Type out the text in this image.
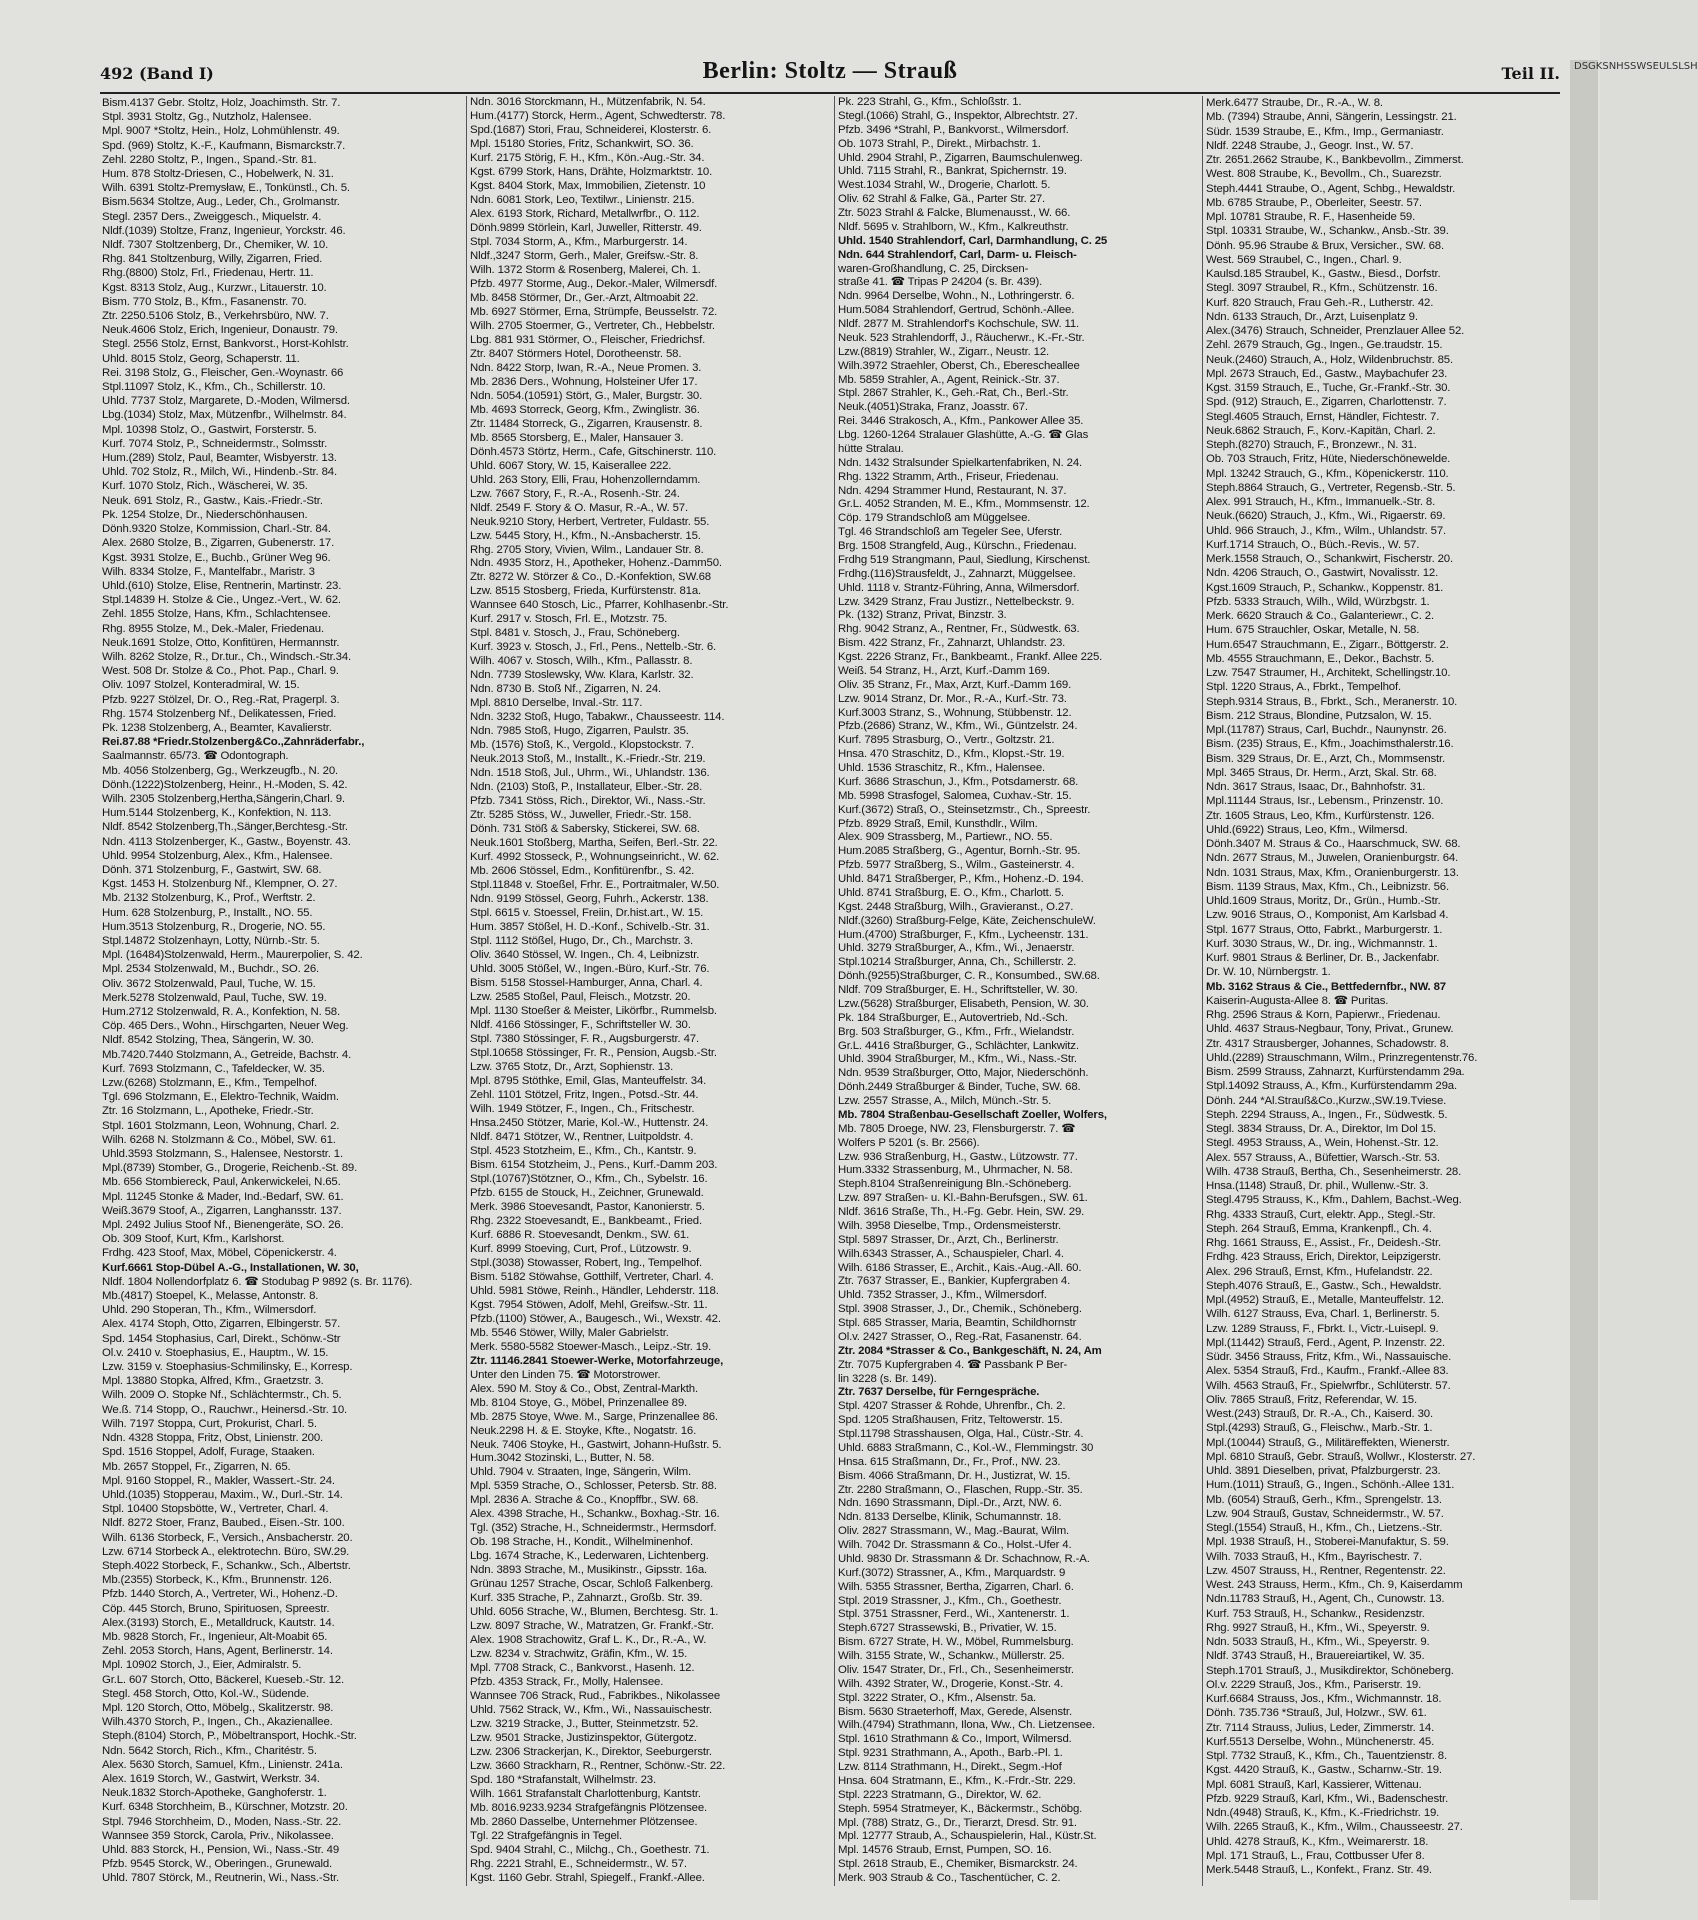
492 (Band I)	Berlin: Stoltz — Strauß	Teil II.
Bism.4137 Gebr. Stoltz, Holz, Joachimsth. Str. 7.
Stpl. 3931 Stoltz, Gg., Nutzholz, Halensee.
Mpl. 9007 *Stoltz, Hein., Holz, Lohmühlenstr. 49.
Spd. (969) Stoltz, K.-F., Kaufmann, Bismarckstr.7.
Zehl. 2280 Stoltz, P., Ingen., Spand.-Str. 81.
Hum. 878 Stoltz-Driesen, C., Hobelwerk, N. 31.
Wilh. 6391 Stoltz-Premysław, E., Tonkünstl., Ch. 5.
Bism.5634 Stoltze, Aug., Leder, Ch., Grolmanstr.
Stegl. 2357 Ders., Zweiggesch., Miquelstr. 4.
Nldf.(1039) Stoltze, Franz, Ingenieur, Yorckstr. 46.
Nldf. 7307 Stoltzenberg, Dr., Chemiker, W. 10.
Rhg. 841 Stoltzenburg, Willy, Zigarren, Fried.
Rhg.(8800) Stolz, Frl., Friedenau, Hertr. 11.
Kgst. 8313 Stolz, Aug., Kurzwr., Litauerstr. 10.
Bism. 770 Stolz, B., Kfm., Fasanenstr. 70.
Ztr. 2250.5106 Stolz, B., Verkehrsbüro, NW. 7.
Neuk.4606 Stolz, Erich, Ingenieur, Donaustr. 79.
Stegl. 2556 Stolz, Ernst, Bankvorst., Horst-Kohlstr.
Uhld. 8015 Stolz, Georg, Schaperstr. 11.
Rei. 3198 Stolz, G., Fleischer, Gen.-Woynastr. 66
Stpl.11097 Stolz, K., Kfm., Ch., Schillerstr. 10.
Uhld. 7737 Stolz, Margarete, D.-Moden, Wilmersd.
Lbg.(1034) Stolz, Max, Mützenfbr., Wilhelmstr. 84.
Mpl. 10398 Stolz, O., Gastwirt, Forsterstr. 5.
Kurf. 7074 Stolz, P., Schneidermstr., Solmsstr.
Hum.(289) Stolz, Paul, Beamter, Wisbyerstr. 13.
Uhld. 702 Stolz, R., Milch, Wi., Hindenb.-Str. 84.
Kurf. 1070 Stolz, Rich., Wäscherei, W. 35.
Neuk. 691 Stolz, R., Gastw., Kais.-Friedr.-Str.
Pk. 1254 Stolze, Dr., Niederschönhausen.
Dönh.9320 Stolze, Kommission, Charl.-Str. 84.
Alex. 2680 Stolze, B., Zigarren, Gubenerstr. 17.
Kgst. 3931 Stolze, E., Buchb., Grüner Weg 96.
Wilh. 8334 Stolze, F., Mantelfabr., Maristr. 3
Uhld.(610) Stolze, Elise, Rentnerin, Martinstr. 23.
Stpl.14839 H. Stolze & Cie., Ungez.-Vert., W. 62.
Zehl. 1855 Stolze, Hans, Kfm., Schlachtensee.
Rhg. 8955 Stolze, M., Dek.-Maler, Friedenau.
Neuk.1691 Stolze, Otto, Konfitüren, Hermannstr.
Wilh. 8262 Stolze, R., Dr.tur., Ch., Windsch.-Str.34.
West. 508 Dr. Stolze & Co., Phot. Pap., Charl. 9.
Oliv. 1097 Stolzel, Konteradmiral, W. 15.
Pfzb. 9227 Stölzel, Dr. O., Reg.-Rat, Pragerpl. 3.
Rhg. 1574 Stolzenberg Nf., Delikatessen, Fried.
Pk. 1238 Stolzenberg, A., Beamter, Kavalierstr.
Rei.87.88 *Friedr.Stolzenberg&Co.,Zahnräderfabr.,
Saalmannstr. 65/73. ☎ Odontograph.
Mb. 4056 Stolzenberg, Gg., Werkzeugfb., N. 20.
Dönh.(1222)Stolzenberg, Heinr., H.-Moden, S. 42.
Wilh. 2305 Stolzenberg,Hertha,Sängerin,Charl. 9.
Hum.5144 Stolzenberg, K., Konfektion, N. 113.
Nldf. 8542 Stolzenberg,Th.,Sänger,Berchtesg.-Str.
Ndn. 4113 Stolzenberger, K., Gastw., Boyenstr. 43.
Uhld. 9954 Stolzenburg, Alex., Kfm., Halensee.
Dönh. 371 Stolzenburg, F., Gastwirt, SW. 68.
Kgst. 1453 H. Stolzenburg Nf., Klempner, O. 27.
Mb. 2132 Stolzenburg, K., Prof., Werftstr. 2.
Hum. 628 Stolzenburg, P., Installt., NO. 55.
Hum.3513 Stolzenburg, R., Drogerie, NO. 55.
Stpl.14872 Stolzenhayn, Lotty, Nürnb.-Str. 5.
Mpl. (16484)Stolzenwald, Herm., Maurerpolier, S. 42.
Mpl. 2534 Stolzenwald, M., Buchdr., SO. 26.
Oliv. 3672 Stolzenwald, Paul, Tuche, W. 15.
Merk.5278 Stolzenwald, Paul, Tuche, SW. 19.
Hum.2712 Stolzenwald, R. A., Konfektion, N. 58.
Cöp. 465 Ders., Wohn., Hirschgarten, Neuer Weg.
Nldf. 8542 Stolzing, Thea, Sängerin, W. 30.
Mb.7420.7440 Stolzmann, A., Getreide, Bachstr. 4.
Kurf. 7693 Stolzmann, C., Tafeldecker, W. 35.
Lzw.(6268) Stolzmann, E., Kfm., Tempelhof.
Tgl. 696 Stolzmann, E., Elektro-Technik, Waidm.
Ztr. 16 Stolzmann, L., Apotheke, Friedr.-Str.
Stpl. 1601 Stolzmann, Leon, Wohnung, Charl. 2.
Wilh. 6268 N. Stolzmann & Co., Möbel, SW. 61.
Uhld.3593 Stolzmann, S., Halensee, Nestorstr. 1.
Mpl.(8739) Stomber, G., Drogerie, Reichenb.-St. 89.
Mb. 656 Stombiereck, Paul, Ankerwickelei, N.65.
Mpl. 11245 Stonke & Mader, Ind.-Bedarf, SW. 61.
Weiß.3679 Stoof, A., Zigarren, Langhansstr. 137.
Mpl. 2492 Julius Stoof Nf., Bienengeräte, SO. 26.
Ob. 309 Stoof, Kurt, Kfm., Karlshorst.
Frdhg. 423 Stoof, Max, Möbel, Cöpenickerstr. 4.
Kurf.6661 Stop-Dübel A.-G., Installationen, W. 30,
Nldf. 1804 Nollendorfplatz 6. ☎ Stodubag P 9892 (s. Br. 1176).
Mb.(4817) Stoepel, K., Melasse, Antonstr. 8.
Uhld. 290 Stoperan, Th., Kfm., Wilmersdorf.
Alex. 4174 Stoph, Otto, Zigarren, Elbingerstr. 57.
Spd. 1454 Stophasius, Carl, Direkt., Schönw.-Str
Ol.v. 2410 v. Stoephasius, E., Hauptm., W. 15.
Lzw. 3159 v. Stoephasius-Schmilinsky, E., Korresp.
Mpl. 13880 Stopka, Alfred, Kfm., Graetzstr. 3.
Wilh. 2009 O. Stopke Nf., Schlächtermstr., Ch. 5.
We.ß. 714 Stopp, O., Rauchwr., Heinersd.-Str. 10.
Wilh. 7197 Stoppa, Curt, Prokurist, Charl. 5.
Ndn. 4328 Stoppa, Fritz, Obst, Linienstr. 200.
Spd. 1516 Stoppel, Adolf, Furage, Staaken.
Mb. 2657 Stoppel, Fr., Zigarren, N. 65.
Mpl. 9160 Stoppel, R., Makler, Wassert.-Str. 24.
Uhld.(1035) Stopperau, Maxim., W., Durl.-Str. 14.
Stpl. 10400 Stopsbötte, W., Vertreter, Charl. 4.
Nldf. 8272 Stoer, Franz, Baubed., Eisen.-Str. 100.
Wilh. 6136 Storbeck, F., Versich., Ansbacherstr. 20.
Lzw. 6714 Storbeck A., elektrotechn. Büro, SW.29.
Steph.4022 Storbeck, F., Schankw., Sch., Albertstr.
Mb.(2355) Storbeck, K., Kfm., Brunnenstr. 126.
Pfzb. 1440 Storch, A., Vertreter, Wi., Hohenz.-D.
Cöp. 445 Storch, Bruno, Spirituosen, Spreestr.
Alex.(3193) Storch, E., Metalldruck, Kautstr. 14.
Mb. 9828 Storch, Fr., Ingenieur, Alt-Moabit 65.
Zehl. 2053 Storch, Hans, Agent, Berlinerstr. 14.
Mpl. 10902 Storch, J., Eier, Admiralstr. 5.
Gr.L. 607 Storch, Otto, Bäckerel, Kueseb.-Str. 12.
Stegl. 458 Storch, Otto, Kol.-W., Südende.
Mpl. 120 Storch, Otto, Möbelg., Skalitzerstr. 98.
Wilh.4370 Storch, P., Ingen., Ch., Akazienallee.
Steph.(8104) Storch, P., Möbeltransport, Hochk.-Str.
Ndn. 5642 Storch, Rich., Kfm., Charitéstr. 5.
Alex. 5630 Storch, Samuel, Kfm., Linienstr. 241a.
Alex. 1619 Storch, W., Gastwirt, Werkstr. 34.
Neuk.1832 Storch-Apotheke, Ganghoferstr. 1.
Kurf. 6348 Storchheim, B., Kürschner, Motzstr. 20.
Stpl. 7946 Storchheim, D., Moden, Nass.-Str. 22.
Wannsee 359 Storck, Carola, Priv., Nikolassee.
Uhld. 883 Storck, H., Pension, Wi., Nass.-Str. 49
Pfzb. 9545 Storck, W., Oberingen., Grunewald.
Uhld. 7807 Störck, M., Reutnerin, Wi., Nass.-Str.
Ndn. 3016 Storckmann, H., Mützenfabrik, N. 54.
Hum.(4177) Storck, Herm., Agent, Schwedterstr. 78.
Spd.(1687) Stori, Frau, Schneiderei, Klosterstr. 6.
Mpl. 15180 Stories, Fritz, Schankwirt, SO. 36.
Kurf. 2175 Störig, F. H., Kfm., Kön.-Aug.-Str. 34.
Kgst. 6799 Stork, Hans, Drähte, Holzmarktstr. 10.
Kgst. 8404 Stork, Max, Immobilien, Zietenstr. 10
Ndn. 6081 Stork, Leo, Textilwr., Linienstr. 215.
Alex. 6193 Stork, Richard, Metallwrfbr., O. 112.
Dönh.9899 Störlein, Karl, Juweller, Ritterstr. 49.
Stpl. 7034 Storm, A., Kfm., Marburgerstr. 14.
Nldf.,3247 Storm, Gerh., Maler, Greifsw.-Str. 8.
Wilh. 1372 Storm & Rosenberg, Malerei, Ch. 1.
Pfzb. 4977 Storme, Aug., Dekor.-Maler, Wilmersdf.
Mb. 8458 Störmer, Dr., Ger.-Arzt, Altmoabit 22.
Mb. 6927 Störmer, Erna, Strümpfe, Beusselstr. 72.
Wilh. 2705 Stoermer, G., Vertreter, Ch., Hebbelstr.
Lbg. 881 931 Störmer, O., Fleischer, Friedrichsf.
Ztr. 8407 Störmers Hotel, Dorotheenstr. 58.
Ndn. 8422 Storp, Iwan, R.-A., Neue Promen. 3.
Mb. 2836 Ders., Wohnung, Holsteiner Ufer 17.
Ndn. 5054.(10591) Stört, G., Maler, Burgstr. 30.
Mb. 4693 Storreck, Georg, Kfm., Zwinglistr. 36.
Ztr. 11484 Storreck, G., Zigarren, Krausenstr. 8.
Mb. 8565 Storsberg, E., Maler, Hansauer 3.
Dönh.4573 Störtz, Herm., Cafe, Gitschinerstr. 110.
Uhld. 6067 Story, W. 15, Kaiserallee 222.
Uhld. 263 Story, Elli, Frau, Hohenzollerndamm.
Lzw. 7667 Story, F., R.-A., Rosenh.-Str. 24.
Nldf. 2549 F. Story & O. Masur, R.-A., W. 57.
Neuk.9210 Story, Herbert, Vertreter, Fuldastr. 55.
Lzw. 5445 Story, H., Kfm., N.-Ansbacherstr. 15.
Rhg. 2705 Story, Vivien, Wilm., Landauer Str. 8.
Ndn. 4935 Storz, H., Apotheker, Hohenz.-Damm50.
Ztr. 8272 W. Störzer & Co., D.-Konfektion, SW.68
Lzw. 8515 Stosberg, Frieda, Kurfürstenstr. 81a.
Wannsee 640 Stosch, Lic., Pfarrer, Kohlhasenbr.-Str.
Kurf. 2917 v. Stosch, Frl. E., Motzstr. 75.
Stpl. 8481 v. Stosch, J., Frau, Schöneberg.
Kurf. 3923 v. Stosch, J., Frl., Pens., Nettelb.-Str. 6.
Wilh. 4067 v. Stosch, Wilh., Kfm., Pallasstr. 8.
Ndn. 7739 Stoslewsky, Ww. Klara, Karlstr. 32.
Ndn. 8730 B. Stoß Nf., Zigarren, N. 24.
Mpl. 8810 Derselbe, Inval.-Str. 117.
Ndn. 3232 Stoß, Hugo, Tabakwr., Chausseestr. 114.
Ndn. 7985 Stoß, Hugo, Zigarren, Paulstr. 35.
Mb. (1576) Stoß, K., Vergold., Klopstockstr. 7.
Neuk.2013 Stoß, M., Installt., K.-Friedr.-Str. 219.
Ndn. 1518 Stoß, Jul., Uhrm., Wi., Uhlandstr. 136.
Ndn. (2103) Stoß, P., Installateur, Elber.-Str. 28.
Pfzb. 7341 Stöss, Rich., Direktor, Wi., Nass.-Str.
Ztr. 5285 Stöss, W., Juweller, Friedr.-Str. 158.
Dönh. 731 Stöß & Sabersky, Stickerei, SW. 68.
Neuk.1601 Stoßberg, Martha, Seifen, Berl.-Str. 22.
Kurf. 4992 Stosseck, P., Wohnungseinricht., W. 62.
Mb. 2606 Stössel, Edm., Konfitürenfbr., S. 42.
Stpl.11848 v. Stoeßel, Frhr. E., Portraitmaler, W.50.
Ndn. 9199 Stössel, Georg, Fuhrh., Ackerstr. 138.
Stpl. 6615 v. Stoessel, Freiin, Dr.hist.art., W. 15.
Hum. 3857 Stößel, H. D.-Konf., Schivelb.-Str. 31.
Stpl. 1112 Stößel, Hugo, Dr., Ch., Marchstr. 3.
Oliv. 3640 Stössel, W. Ingen., Ch. 4, Leibnizstr.
Uhld. 3005 Stößel, W., Ingen.-Büro, Kurf.-Str. 76.
Bism. 5158 Stossel-Hamburger, Anna, Charl. 4.
Lzw. 2585 Stoßel, Paul, Fleisch., Motzstr. 20.
Mpl. 1130 Stoeßer & Meister, Likörfbr., Rummelsb.
Nldf. 4166 Stössinger, F., Schriftsteller W. 30.
Stpl. 7380 Stössinger, F. R., Augsburgerstr. 47.
Stpl.10658 Stössinger, Fr. R., Pension, Augsb.-Str.
Lzw. 3765 Stotz, Dr., Arzt, Sophienstr. 13.
Mpl. 8795 Stöthke, Emil, Glas, Manteuffelstr. 34.
Zehl. 1101 Stötzel, Fritz, Ingen., Potsd.-Str. 44.
Wilh. 1949 Stötzer, F., Ingen., Ch., Fritschestr.
Hnsa.2450 Stötzer, Marie, Kol.-W., Huttenstr. 24.
Nldf. 8471 Stötzer, W., Rentner, Luitpoldstr. 4.
Stpl. 4523 Stotzheim, E., Kfm., Ch., Kantstr. 9.
Bism. 6154 Stotzheim, J., Pens., Kurf.-Damm 203.
Stpl.(10767)Stötzner, O., Kfm., Ch., Sybelstr. 16.
Pfzb. 6155 de Stouck, H., Zeichner, Grunewald.
Merk. 3986 Stoevesandt, Pastor, Kanonierstr. 5.
Rhg. 2322 Stoevesandt, E., Bankbeamt., Fried.
Kurf. 6886 R. Stoevesandt, Denkm., SW. 61.
Kurf. 8999 Stoeving, Curt, Prof., Lützowstr. 9.
Stpl.(3038) Stowasser, Robert, Ing., Tempelhof.
Bism. 5182 Stöwahse, Gotthilf, Vertreter, Charl. 4.
Uhld. 5981 Stöwe, Reinh., Händler, Lehderstr. 118.
Kgst. 7954 Stöwen, Adolf, Mehl, Greifsw.-Str. 11.
Pfzb.(1100) Stöwer, A., Baugesch., Wi., Wexstr. 42.
Mb. 5546 Stöwer, Willy, Maler Gabrielstr.
Merk. 5580-5582 Stoewer-Masch., Leipz.-Str. 19.
Ztr. 11146.2841 Stoewer-Werke, Motorfahrzeuge,
Unter den Linden 75. ☎ Motorstrower.
Alex. 590 M. Stoy & Co., Obst, Zentral-Markth.
Mb. 8104 Stoye, G., Möbel, Prinzenallee 89.
Mb. 2875 Stoye, Wwe. M., Sarge, Prinzenallee 86.
Neuk.2298 H. & E. Stoyke, Kfte., Nogatstr. 16.
Neuk. 7406 Stoyke, H., Gastwirt, Johann-Hußstr. 5.
Hum.3042 Stozinski, L., Butter, N. 58.
Uhld. 7904 v. Straaten, Inge, Sängerin, Wilm.
Mpl. 5359 Strache, O., Schlosser, Petersb. Str. 88.
Mpl. 2836 A. Strache & Co., Knopffbr., SW. 68.
Alex. 4398 Strache, H., Schankw., Boxhag.-Str. 16.
Tgl. (352) Strache, H., Schneidermstr., Hermsdorf.
Ob. 198 Strache, H., Kondit., Wilhelminenhof.
Lbg. 1674 Strache, K., Lederwaren, Lichtenberg.
Ndn. 3893 Strache, M., Musikinstr., Gipsstr. 16a.
Grünau 1257 Strache, Oscar, Schloß Falkenberg.
Kurf. 335 Strache, P., Zahnarzt., Großb. Str. 39.
Uhld. 6056 Strache, W., Blumen, Berchtesg. Str. 1.
Lzw. 8097 Strache, W., Matratzen, Gr. Frankf.-Str.
Alex. 1908 Strachowitz, Graf L. K., Dr., R.-A., W.
Lzw. 8234 v. Strachwitz, Gräfin, Kfm., W. 15.
Mpl. 7708 Strack, C., Bankvorst., Hasenh. 12.
Pfzb. 4353 Strack, Fr., Molly, Halensee.
Wannsee 706 Strack, Rud., Fabrikbes., Nikolassee
Uhld. 7562 Strack, W., Kfm., Wi., Nassauischestr.
Lzw. 3219 Stracke, J., Butter, Steinmetzstr. 52.
Lzw. 9501 Stracke, Justizinspektor, Gütergotz.
Lzw. 2306 Strackerjan, K., Direktor, Seeburgerstr.
Lzw. 3660 Strackharn, R., Rentner, Schönw.-Str. 22.
Spd. 180 *Strafanstalt, Wilhelmstr. 23.
Wilh. 1661 Strafanstalt Charlottenburg, Kantstr.
Mb. 8016.9233.9234 Strafgefängnis Plötzensee.
Mb. 2860 Dasselbe, Unternehmer Plötzensee.
Tgl. 22 Strafgefängnis in Tegel.
Spd. 9404 Strahl, C., Milchg., Ch., Goethestr. 71.
Rhg. 2221 Strahl, E., Schneidermstr., W. 57.
Kgst. 1160 Gebr. Strahl, Spiegelf., Frankf.-Allee.
Pk. 223 Strahl, G., Kfm., Schloßstr. 1.
Stegl.(1066) Strahl, G., Inspektor, Albrechtstr. 27.
Pfzb. 3496 *Strahl, P., Bankvorst., Wilmersdorf.
Ob. 1073 Strahl, P., Direkt., Mirbachstr. 1.
Uhld. 2904 Strahl, P., Zigarren, Baumschulenweg.
Uhld. 7115 Strahl, R., Bankrat, Spichernstr. 19.
West.1034 Strahl, W., Drogerie, Charlott. 5.
Oliv. 62 Strahl & Falke, Gä., Parter Str. 27.
Ztr. 5023 Strahl & Falcke, Blumenausst., W. 66.
Nldf. 5695 v. Strahlborn, W., Kfm., Kalkreuthstr.
Uhld. 1540 Strahlendorf, Carl, Darmhandlung, C. 25
Ndn. 644 Strahlendorf, Carl, Darm- u. Fleisch-
waren-Großhandlung, C. 25, Dircksen-
straße 41. ☎ Tripas P 24204 (s. Br. 439).
Ndn. 9964 Derselbe, Wohn., N., Lothringerstr. 6.
Hum.5084 Strahlendorf, Gertrud, Schönh.-Allee.
Nldf. 2877 M. Strahlendorf's Kochschule, SW. 11.
Neuk. 523 Strahlendorff, J., Räucherwr., K.-Fr.-Str.
Lzw.(8819) Strahler, W., Zigarr., Neustr. 12.
Wilh.3972 Straehler, Oberst, Ch., Eberescheallee
Mb. 5859 Strahler, A., Agent, Reinick.-Str. 37.
Stpl. 2867 Strahler, K., Geh.-Rat, Ch., Berl.-Str.
Neuk.(4051)Straka, Franz, Joasstr. 67.
Rei. 3446 Strakosch, A., Kfm., Pankower Allee 35.
Lbg. 1260-1264 Stralauer Glashütte, A.-G. ☎ Glas
hütte Stralau.
Ndn. 1432 Stralsunder Spielkartenfabriken, N. 24.
Rhg. 1322 Stramm, Arth., Friseur, Friedenau.
Ndn. 4294 Strammer Hund, Restaurant, N. 37.
Gr.L. 4052 Stranden, M. E., Kfm., Mommsenstr. 12.
Cöp. 179 Strandschloß am Müggelsee.
Tgl. 46 Strandschloß am Tegeler See, Uferstr.
Brg. 1508 Strangfeld, Aug., Kürschn., Friedenau.
Frdhg 519 Strangmann, Paul, Siedlung, Kirschenst.
Frdhg.(116)Strausfeldt, J., Zahnarzt, Müggelsee.
Uhld. 1118 v. Strantz-Führing, Anna, Wilmersdorf.
Lzw. 3429 Stranz, Frau Justizr., Nettelbeckstr. 9.
Pk. (132) Stranz, Privat, Binzstr. 3.
Rhg. 9042 Stranz, A., Rentner, Fr., Südwestk. 63.
Bism. 422 Stranz, Fr., Zahnarzt, Uhlandstr. 23.
Kgst. 2226 Stranz, Fr., Bankbeamt., Frankf. Allee 225.
Weiß. 54 Stranz, H., Arzt, Kurf.-Damm 169.
Oliv. 35 Stranz, Fr., Max, Arzt, Kurf.-Damm 169.
Lzw. 9014 Stranz, Dr. Mor., R.-A., Kurf.-Str. 73.
Kurf.3003 Stranz, S., Wohnung, Stübbenstr. 12.
Pfzb.(2686) Stranz, W., Kfm., Wi., Güntzelstr. 24.
Kurf. 7895 Strasburg, O., Vertr., Goltzstr. 21.
Hnsa. 470 Straschitz, D., Kfm., Klopst.-Str. 19.
Uhld. 1536 Straschitz, R., Kfm., Halensee.
Kurf. 3686 Straschun, J., Kfm., Potsdamerstr. 68.
Mb. 5998 Strasfogel, Salomea, Cuxhav.-Str. 15.
Kurf.(3672) Straß, O., Steinsetzmstr., Ch., Spreestr.
Pfzb. 8929 Straß, Emil, Kunsthdlr., Wilm.
Alex. 909 Strassberg, M., Partiewr., NO. 55.
Hum.2085 Straßberg, G., Agentur, Bornh.-Str. 95.
Pfzb. 5977 Straßberg, S., Wilm., Gasteinerstr. 4.
Uhld. 8471 Straßberger, P., Kfm., Hohenz.-D. 194.
Uhld. 8741 Straßburg, E. O., Kfm., Charlott. 5.
Kgst. 2448 Straßburg, Wilh., Gravieranst., O.27.
Nldf.(3260) Straßburg-Felge, Käte, ZeichenschuleW.
Hum.(4700) Straßburger, F., Kfm., Lycheenstr. 131.
Uhld. 3279 Straßburger, A., Kfm., Wi., Jenaerstr.
Stpl.10214 Straßburger, Anna, Ch., Schillerstr. 2.
Dönh.(9255)Straßburger, C. R., Konsumbed., SW.68.
Nldf. 709 Straßburger, E. H., Schriftsteller, W. 30.
Lzw.(5628) Straßburger, Elisabeth, Pension, W. 30.
Pk. 184 Straßburger, E., Autovertrieb, Nd.-Sch.
Brg. 503 Straßburger, G., Kfm., Frfr., Wielandstr.
Gr.L. 4416 Straßburger, G., Schlächter, Lankwitz.
Uhld. 3904 Straßburger, M., Kfm., Wi., Nass.-Str.
Ndn. 9539 Straßburger, Otto, Major, Niederschönh.
Dönh.2449 Straßburger & Binder, Tuche, SW. 68.
Lzw. 2557 Strasse, A., Milch, Münch.-Str. 5.
Mb. 7804 Straßenbau-Gesellschaft Zoeller, Wolfers,
Mb. 7805 Droege, NW. 23, Flensburgerstr. 7. ☎
Wolfers P 5201 (s. Br. 2566).
Lzw. 936 Straßenburg, H., Gastw., Lützowstr. 77.
Hum.3332 Strassenburg, M., Uhrmacher, N. 58.
Steph.8104 Straßenreinigung Bln.-Schöneberg.
Lzw. 897 Straßen- u. Kl.-Bahn-Berufsgen., SW. 61.
Nldf. 3616 Straße, Th., H.-Fg. Gebr. Hein, SW. 29.
Wilh. 3958 Dieselbe, Tmp., Ordensmeisterstr.
Stpl. 5897 Strasser, Dr., Arzt, Ch., Berlinerstr.
Wilh.6343 Strasser, A., Schauspieler, Charl. 4.
Wilh. 6186 Strasser, E., Archit., Kais.-Aug.-All. 60.
Ztr. 7637 Strasser, E., Bankier, Kupfergraben 4.
Uhld. 7352 Strasser, J., Kfm., Wilmersdorf.
Stpl. 3908 Strasser, J., Dr., Chemik., Schöneberg.
Stpl. 685 Strasser, Maria, Beamtin, Schildhornstr
Ol.v. 2427 Strasser, O., Reg.-Rat, Fasanenstr. 64.
Ztr. 2084 *Strasser & Co., Bankgeschäft, N. 24, Am
Ztr. 7075 Kupfergraben 4. ☎ Passbank P Ber-
lin 3228 (s. Br. 149).
Ztr. 7637 Derselbe, für Ferngespräche.
Stpl. 4207 Strasser & Rohde, Uhrenfbr., Ch. 2.
Spd. 1205 Straßhausen, Fritz, Teltowerstr. 15.
Stpl.11798 Strasshausen, Olga, Hal., Cüstr.-Str. 4.
Uhld. 6883 Straßmann, C., Kol.-W., Flemmingstr. 30
Hnsa. 615 Straßmann, Dr., Fr., Prof., NW. 23.
Bism. 4066 Straßmann, Dr. H., Justizrat, W. 15.
Ztr. 2280 Straßmann, O., Flaschen, Rupp.-Str. 35.
Ndn. 1690 Strassmann, Dipl.-Dr., Arzt, NW. 6.
Ndn. 8133 Derselbe, Klinik, Schumannstr. 18.
Oliv. 2827 Strassmann, W., Mag.-Baurat, Wilm.
Wilh. 7042 Dr. Strassmann & Co., Holst.-Ufer 4.
Uhld. 9830 Dr. Strassmann & Dr. Schachnow, R.-A.
Kurf.(3072) Strassner, A., Kfm., Marquardstr. 9
Wilh. 5355 Strassner, Bertha, Zigarren, Charl. 6.
Stpl. 2019 Strassner, J., Kfm., Ch., Goethestr.
Stpl. 3751 Strassner, Ferd., Wi., Xantenerstr. 1.
Steph.6727 Strassewski, B., Privatier, W. 15.
Bism. 6727 Strate, H. W., Möbel, Rummelsburg.
Wilh. 3155 Strate, W., Schankw., Müllerstr. 25.
Oliv. 1547 Strater, Dr., Frl., Ch., Sesenheimerstr.
Wilh. 4392 Strater, W., Drogerie, Konst.-Str. 4.
Stpl. 3222 Strater, O., Kfm., Alsenstr. 5a.
Bism. 5630 Straeterhoff, Max, Gerede, Alsenstr.
Wilh.(4794) Strathmann, Ilona, Ww., Ch. Lietzensee.
Stpl. 1610 Strathmann & Co., Import, Wilmersd.
Stpl. 9231 Strathmann, A., Apoth., Barb.-Pl. 1.
Lzw. 8114 Strathmann, H., Direkt., Segm.-Hof
Hnsa. 604 Stratmann, E., Kfm., K.-Frdr.-Str. 229.
Stpl. 2223 Stratmann, G., Direktor, W. 62.
Steph. 5954 Stratmeyer, K., Bäckermstr., Schöbg.
Mpl. (788) Stratz, G., Dr., Tierarzt, Dresd. Str. 91.
Mpl. 12777 Straub, A., Schauspielerin, Hal., Küstr.St.
Mpl. 14576 Straub, Ernst, Pumpen, SO. 16.
Stpl. 2618 Straub, E., Chemiker, Bismarckstr. 24.
Merk. 903 Straub & Co., Taschentücher, C. 2.
Merk.6477 Straube, Dr., R.-A., W. 8.
Mb. (7394) Straube, Anni, Sängerin, Lessingstr. 21.
Südr. 1539 Straube, E., Kfm., Imp., Germaniastr.
Nldf. 2248 Straube, J., Geogr. Inst., W. 57.
Ztr. 2651.2662 Straube, K., Bankbevollm., Zimmerst.
West. 808 Straube, K., Bevollm., Ch., Suarezstr.
Steph.4441 Straube, O., Agent, Schbg., Hewaldstr.
Mb. 6785 Straube, P., Oberleiter, Seestr. 57.
Mpl. 10781 Straube, R. F., Hasenheide 59.
Stpl. 10331 Straube, W., Schankw., Ansb.-Str. 39.
Dönh. 95.96 Straube & Brux, Versicher., SW. 68.
West. 569 Straubel, C., Ingen., Charl. 9.
Kaulsd.185 Straubel, K., Gastw., Biesd., Dorfstr.
Stegl. 3097 Straubel, R., Kfm., Schützenstr. 16.
Kurf. 820 Strauch, Frau Geh.-R., Lutherstr. 42.
Ndn. 6133 Strauch, Dr., Arzt, Luisenplatz 9.
Alex.(3476) Strauch, Schneider, Prenzlauer Allee 52.
Zehl. 2679 Strauch, Gg., Ingen., Ge.traudstr. 15.
Neuk.(2460) Strauch, A., Holz, Wildenbruchstr. 85.
Mpl. 2673 Strauch, Ed., Gastw., Maybachufer 23.
Kgst. 3159 Strauch, E., Tuche, Gr.-Frankf.-Str. 30.
Spd. (912) Strauch, E., Zigarren, Charlottenstr. 7.
Stegl.4605 Strauch, Ernst, Händler, Fichtestr. 7.
Neuk.6862 Strauch, F., Korv.-Kapitän, Charl. 2.
Steph.(8270) Strauch, F., Bronzewr., N. 31.
Ob. 703 Strauch, Fritz, Hüte, Niederschönewelde.
Mpl. 13242 Strauch, G., Kfm., Köpenickerstr. 110.
Steph.8864 Strauch, G., Vertreter, Regensb.-Str. 5.
Alex. 991 Strauch, H., Kfm., Immanuelk.-Str. 8.
Neuk.(6620) Strauch, J., Kfm., Wi., Rigaerstr. 69.
Uhld. 966 Strauch, J., Kfm., Wilm., Uhlandstr. 57.
Kurf.1714 Strauch, O., Büch.-Revis., W. 57.
Merk.1558 Strauch, O., Schankwirt, Fischerstr. 20.
Ndn. 4206 Strauch, O., Gastwirt, Novalisstr. 12.
Kgst.1609 Strauch, P., Schankw., Koppenstr. 81.
Pfzb. 5333 Strauch, Wilh., Wild, Würzbgstr. 1.
Merk. 6620 Strauch & Co., Galanteriewr., C. 2.
Hum. 675 Strauchler, Oskar, Metalle, N. 58.
Hum.6547 Strauchmann, E., Zigarr., Böttgerstr. 2.
Mb. 4555 Strauchmann, E., Dekor., Bachstr. 5.
Lzw. 7547 Straumer, H., Architekt, Schellingstr.10.
Stpl. 1220 Straus, A., Fbrkt., Tempelhof.
Steph.9314 Straus, B., Fbrkt., Sch., Meranerstr. 10.
Bism. 212 Straus, Blondine, Putzsalon, W. 15.
Mpl.(11787) Straus, Carl, Buchdr., Naunynstr. 26.
Bism. (235) Straus, E., Kfm., Joachimsthalerstr.16.
Bism. 329 Straus, Dr. E., Arzt, Ch., Mommsenstr.
Mpl. 3465 Straus, Dr. Herm., Arzt, Skal. Str. 68.
Ndn. 3617 Straus, Isaac, Dr., Bahnhofstr. 31.
Mpl.11144 Straus, Isr., Lebensm., Prinzenstr. 10.
Ztr. 1605 Straus, Leo, Kfm., Kurfürstenstr. 126.
Uhld.(6922) Straus, Leo, Kfm., Wilmersd.
Dönh.3407 M. Straus & Co., Haarschmuck, SW. 68.
Ndn. 2677 Straus, M., Juwelen, Oranienburgstr. 64.
Ndn. 1031 Straus, Max, Kfm., Oranienburgerstr. 13.
Bism. 1139 Straus, Max, Kfm., Ch., Leibnizstr. 56.
Uhld.1609 Straus, Moritz, Dr., Grün., Humb.-Str.
Lzw. 9016 Straus, O., Komponist, Am Karlsbad 4.
Stpl. 1677 Straus, Otto, Fabrkt., Marburgerstr. 1.
Kurf. 3030 Straus, W., Dr. ing., Wichmannstr. 1.
Kurf. 9801 Straus & Berliner, Dr. B., Jackenfabr.
Dr. W. 10, Nürnbergstr. 1.
Mb. 3162 Straus & Cie., Bettfedernfbr., NW. 87
Kaiserin-Augusta-Allee 8. ☎ Puritas.
Rhg. 2596 Straus & Korn, Papierwr., Friedenau.
Uhld. 4637 Straus-Negbaur, Tony, Privat., Grunew.
Ztr. 4317 Strausberger, Johannes, Schadowstr. 8.
Uhld.(2289) Strauschmann, Wilm., Prinzregentenstr.76.
Bism. 2599 Strauss, Zahnarzt, Kurfürstendamm 29a.
Stpl.14092 Strauss, A., Kfm., Kurfürstendamm 29a.
Dönh. 244 *Al.Strauß&Co.,Kurzw.,SW.19.Tviese.
Steph. 2294 Strauss, A., Ingen., Fr., Südwestk. 5.
Stegl. 3834 Strauss, Dr. A., Direktor, Im Dol 15.
Stegl. 4953 Strauss, A., Wein, Hohenst.-Str. 12.
Alex. 557 Strauss, A., Büfettier, Warsch.-Str. 53.
Wilh. 4738 Strauß, Bertha, Ch., Sesenheimerstr. 28.
Hnsa.(1148) Strauß, Dr. phil., Wullenw.-Str. 3.
Stegl.4795 Strauss, K., Kfm., Dahlem, Bachst.-Weg.
Rhg. 4333 Strauß, Curt, elektr. App., Stegl.-Str.
Steph. 264 Strauß, Emma, Krankenpfl., Ch. 4.
Rhg. 1661 Strauss, E., Assist., Fr., Deidesh.-Str.
Frdhg. 423 Strauss, Erich, Direktor, Leipzigerstr.
Alex. 296 Strauß, Ernst, Kfm., Hufelandstr. 22.
Steph.4076 Strauß, E., Gastw., Sch., Hewaldstr.
Mpl.(4952) Strauß, E., Metalle, Manteuffelstr. 12.
Wilh. 6127 Strauss, Eva, Charl. 1, Berlinerstr. 5.
Lzw. 1289 Strauss, F., Fbrkt. I., Victr.-Luisepl. 9.
Mpl.(11442) Strauß, Ferd., Agent, P. Inzenstr. 22.
Südr. 3456 Strauss, Fritz, Kfm., Wi., Nassauische.
Alex. 5354 Strauß, Frd., Kaufm., Frankf.-Allee 83.
Wilh. 4563 Strauß, Fr., Spielwrfbr., Schlüterstr. 57.
Oliv. 7865 Strauß, Fritz, Referendar, W. 15.
West.(243) Strauß, Dr. R.-A., Ch., Kaiserd. 30.
Stpl.(4293) Strauß, G., Fleischw., Marb.-Str. 1.
Mpl.(10044) Strauß, G., Militäreffekten, Wienerstr.
Mpl. 6810 Strauß, Gebr. Strauß, Wollwr., Klosterstr. 27.
Uhld. 3891 Dieselben, privat, Pfalzburgerstr. 23.
Hum.(1011) Strauß, G., Ingen., Schönh.-Allee 131.
Mb. (6054) Strauß, Gerh., Kfm., Sprengelstr. 13.
Lzw. 904 Strauß, Gustav, Schneidermstr., W. 57.
Stegl.(1554) Strauß, H., Kfm., Ch., Lietzens.-Str.
Mpl. 1938 Strauß, H., Stoberei-Manufaktur, S. 59.
Wilh. 7033 Strauß, H., Kfm., Bayrischestr. 7.
Lzw. 4507 Strauss, H., Rentner, Regentenstr. 22.
West. 243 Strauss, Herm., Kfm., Ch. 9, Kaiserdamm
Ndn.11783 Strauß, H., Agent, Ch., Cunowstr. 13.
Kurf. 753 Strauß, H., Schankw., Residenzstr.
Rhg. 9927 Strauß, H., Kfm., Wi., Speyerstr. 9.
Ndn. 5033 Strauß, H., Kfm., Wi., Speyerstr. 9.
Nldf. 3743 Strauß, H., Brauereiartikel, W. 35.
Steph.1701 Strauß, J., Musikdirektor, Schöneberg.
Ol.v. 2229 Strauß, Jos., Kfm., Pariserstr. 19.
Kurf.6684 Strauss, Jos., Kfm., Wichmannstr. 18.
Dönh. 735.736 *Strauß, Jul, Holzwr., SW. 61.
Ztr. 7114 Strauss, Julius, Leder, Zimmerstr. 14.
Kurf.5513 Derselbe, Wohn., Münchenerstr. 45.
Stpl. 7732 Strauß, K., Kfm., Ch., Tauentzienstr. 8.
Kgst. 4420 Strauß, K., Gastw., Scharnw.-Str. 19.
Mpl. 6081 Strauß, Karl, Kassierer, Wittenau.
Pfzb. 9229 Strauß, Karl, Kfm., Wi., Badenschestr.
Ndn.(4948) Strauß, K., Kfm., K.-Friedrichstr. 19.
Wilh. 2265 Strauß, K., Kfm., Wilm., Chausseestr. 27.
Uhld. 4278 Strauß, K., Kfm., Weimarerstr. 18.
Mpl. 171 Strauß, L., Frau, Cottbusser Ufer 8.
Merk.5448 Strauß, L., Konfekt., Franz. Str. 49.
DSGKSNHSSWSEULSLSH
